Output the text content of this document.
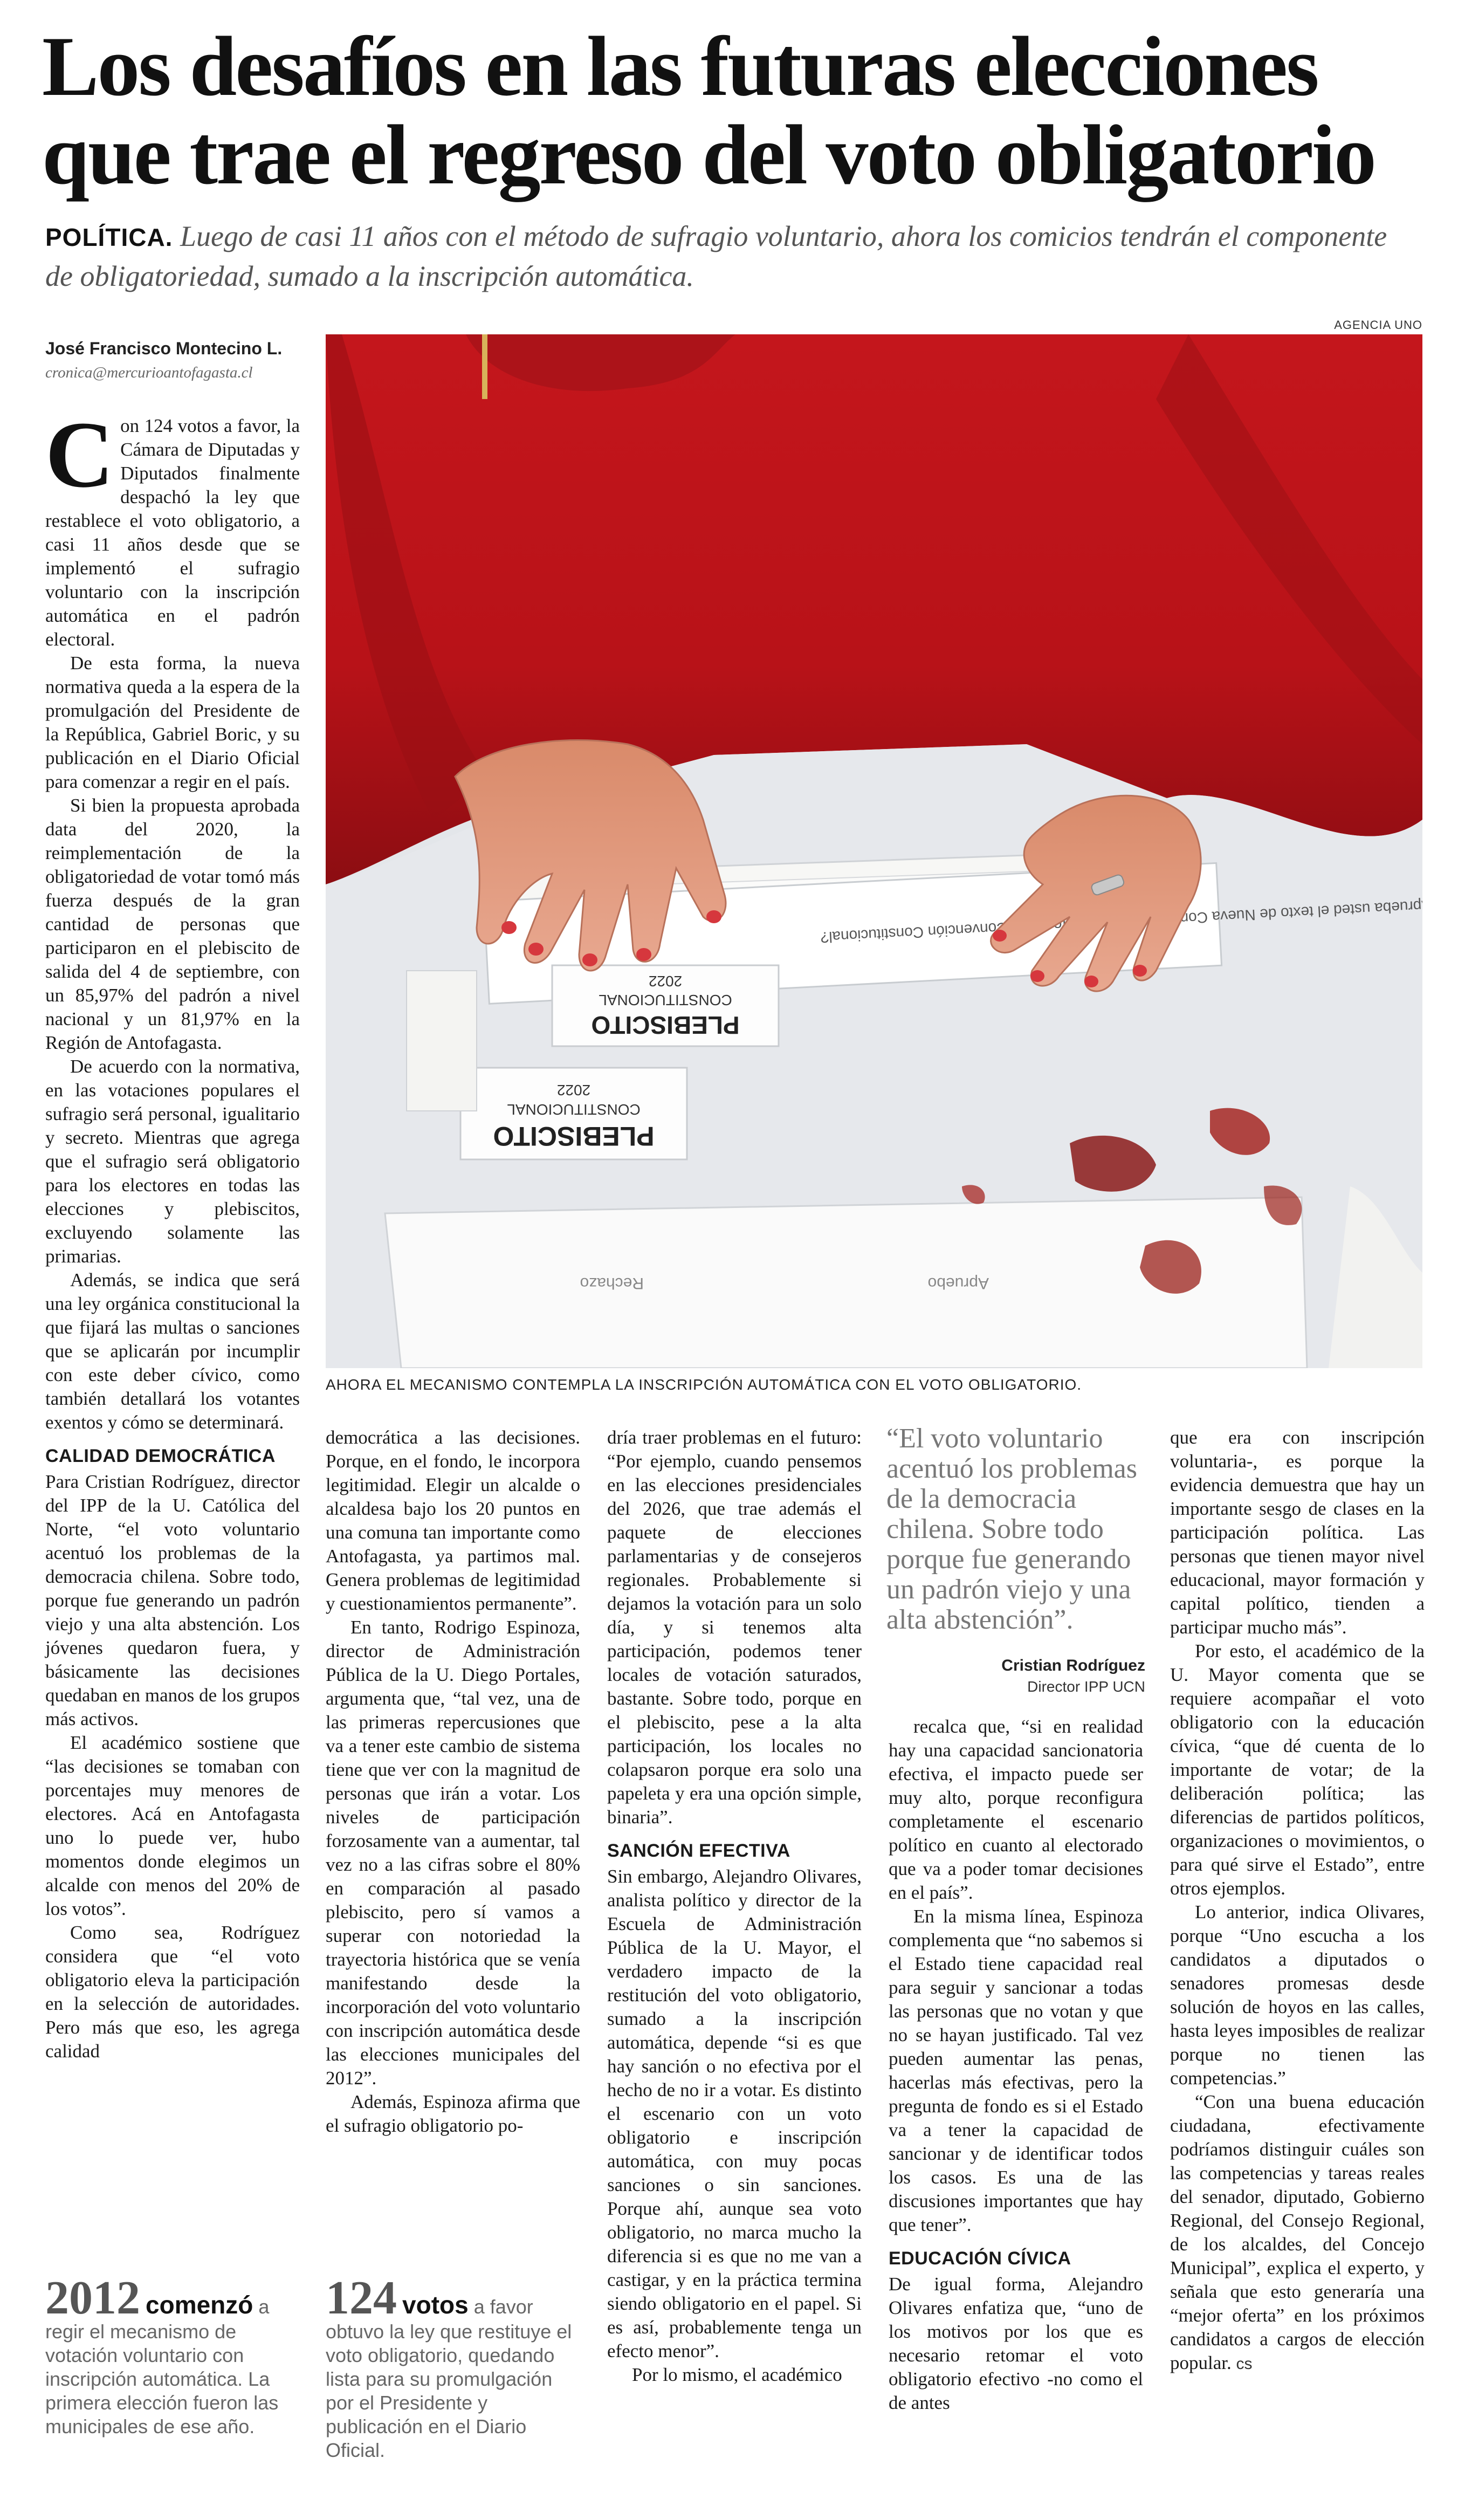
Los desafíos en las futuras elecciones que trae el regreso del voto obligatorio
POLÍTICA. Luego de casi 11 años con el método de sufragio voluntario, ahora los comicios tendrán el componente de obligatoriedad, sumado a la inscripción automática.
José Francisco Montecino L.
cronica@mercurioantofagasta.cl
AGENCIA UNO
¿Aprueba usted el texto de Nueva Convención Constitucional?
PLEBISCITO
CONSTITUCIONAL
2022
PLEBISCITO
CONSTITUCIONAL
2022
Rechazo	Apruebo
AHORA EL MECANISMO CONTEMPLA LA INSCRIPCIÓN AUTOMÁTICA CON EL VOTO OBLIGATORIO.

Con 124 votos a favor, la Cámara de Diputadas y Diputados finalmente despachó la ley que restablece el voto obligatorio, a casi 11 años desde que se implementó el sufragio voluntario con la inscripción automática en el padrón electoral.

De esta forma, la nueva normativa queda a la espera de la promulgación del Presidente de la República, Gabriel Boric, y su publicación en el Diario Oficial para comenzar a regir en el país.

Si bien la propuesta aprobada data del 2020, la reimplementación de la obligatoriedad de votar tomó más fuerza después de la gran cantidad de personas que participaron en el plebiscito de salida del 4 de septiembre, con un 85,97% del padrón a nivel nacional y un 81,97% en la Región de Antofagasta.

De acuerdo con la normativa, en las votaciones populares el sufragio será personal, igualitario y secreto. Mientras que agrega que el sufragio será obligatorio para los electores en todas las elecciones y plebiscitos, excluyendo solamente las primarias.

Además, se indica que será una ley orgánica constitucional la que fijará las multas o sanciones que se aplicarán por incumplir con este deber cívico, como también detallará los votantes exentos y cómo se determinará.

CALIDAD DEMOCRÁTICA

Para Cristian Rodríguez, director del IPP de la U. Católica del Norte, “el voto voluntario acentuó los problemas de la democracia chilena. Sobre todo, porque fue generando un padrón viejo y una alta abstención. Los jóvenes quedaron fuera, y básicamente las decisiones quedaban en manos de los grupos más activos.

El académico sostiene que “las decisiones se tomaban con porcentajes muy menores de electores. Acá en Antofagasta uno lo puede ver, hubo momentos donde elegimos un alcalde con menos del 20% de los votos”.

Como sea, Rodríguez considera que “el voto obligatorio eleva la participación en la selección de autoridades. Pero más que eso, les agrega calidad

democrática a las decisiones. Porque, en el fondo, le incorpora legitimidad. Elegir un alcalde o alcaldesa bajo los 20 puntos en una comuna tan importante como Antofagasta, ya partimos mal. Genera problemas de legitimidad y cuestionamientos permanente”.

En tanto, Rodrigo Espinoza, director de Administración Pública de la U. Diego Portales, argumenta que, “tal vez, una de las primeras repercusiones que va a tener este cambio de sistema tiene que ver con la magnitud de personas que irán a votar. Los niveles de participación forzosamente van a aumentar, tal vez no a las cifras sobre el 80% en comparación al pasado plebiscito, pero sí vamos a superar con notoriedad la trayectoria histórica que se venía manifestando desde la incorporación del voto voluntario con inscripción automática desde las elecciones municipales del 2012”.

Además, Espinoza afirma que el sufragio obligatorio po-

dría traer problemas en el futuro: “Por ejemplo, cuando pensemos en las elecciones presidenciales del 2026, que trae además el paquete de elecciones parlamentarias y de consejeros regionales. Probablemente si dejamos la votación para un solo día, y si tenemos alta participación, podemos tener locales de votación saturados, bastante. Sobre todo, porque en el plebiscito, pese a la alta participación, los locales no colapsaron porque era solo una papeleta y era una opción simple, binaria”.

SANCIÓN EFECTIVA

Sin embargo, Alejandro Olivares, analista político y director de la Escuela de Administración Pública de la U. Mayor, el verdadero impacto de la restitución del voto obligatorio, sumado a la inscripción automática, depende “si es que hay sanción o no efectiva por el hecho de no ir a votar. Es distinto el escenario con un voto obligatorio e inscripción automática, con muy pocas sanciones o sin sanciones. Porque ahí, aunque sea voto obligatorio, no marca mucho la diferencia si es que no me van a castigar, y en la práctica termina siendo obligatorio en el papel. Si es así, probablemente tenga un efecto menor”.

Por lo mismo, el académico

“El voto voluntario acentuó los problemas de la democracia chilena. Sobre todo porque fue generando un padrón viejo y una alta abstención”.
Cristian Rodríguez
Director IPP UCN

recalca que, “si en realidad hay una capacidad sancionatoria efectiva, el impacto puede ser muy alto, porque reconfigura completamente el escenario político en cuanto al electorado que va a poder tomar decisiones en el país”.

En la misma línea, Espinoza complementa que “no sabemos si el Estado tiene capacidad real para seguir y sancionar a todas las personas que no votan y que no se hayan justificado. Tal vez pueden aumentar las penas, hacerlas más efectivas, pero la pregunta de fondo es si el Estado va a tener la capacidad de sancionar y de identificar todos los casos. Es una de las discusiones importantes que hay que tener”.

EDUCACIÓN CÍVICA

De igual forma, Alejandro Olivares enfatiza que, “uno de los motivos por los que es necesario retomar el voto obligatorio efectivo -no como el de antes

que era con inscripción voluntaria-, es porque la evidencia demuestra que hay un importante sesgo de clases en la participación política. Las personas que tienen mayor nivel educacional, mayor formación y capital político, tienden a participar mucho más”.

Por esto, el académico de la U. Mayor comenta que se requiere acompañar el voto obligatorio con la educación cívica, “que dé cuenta de lo importante de votar; de la deliberación política; las diferencias de partidos políticos, organizaciones o movimientos, o para qué sirve el Estado”, entre otros ejemplos.

Lo anterior, indica Olivares, porque “Uno escucha a los candidatos a diputados o senadores promesas desde solución de hoyos en las calles, hasta leyes imposibles de realizar porque no tienen las competencias.”

“Con una buena educación ciudadana, efectivamente podríamos distinguir cuáles son las competencias y tareas reales del senador, diputado, Gobierno Regional, del Consejo Regional, de los alcaldes, del Concejo Municipal”, explica el experto, y señala que esto generaría una “mejor oferta” en los próximos candidatos a cargos de elección popular. cs

2012 comenzó a regir el mecanismo de votación voluntario con inscripción automática. La primera elección fueron las municipales de ese año.
124 votos a favor obtuvo la ley que restituye el voto obligatorio, quedando lista para su promulgación por el Presidente y publicación en el Diario Oficial.
